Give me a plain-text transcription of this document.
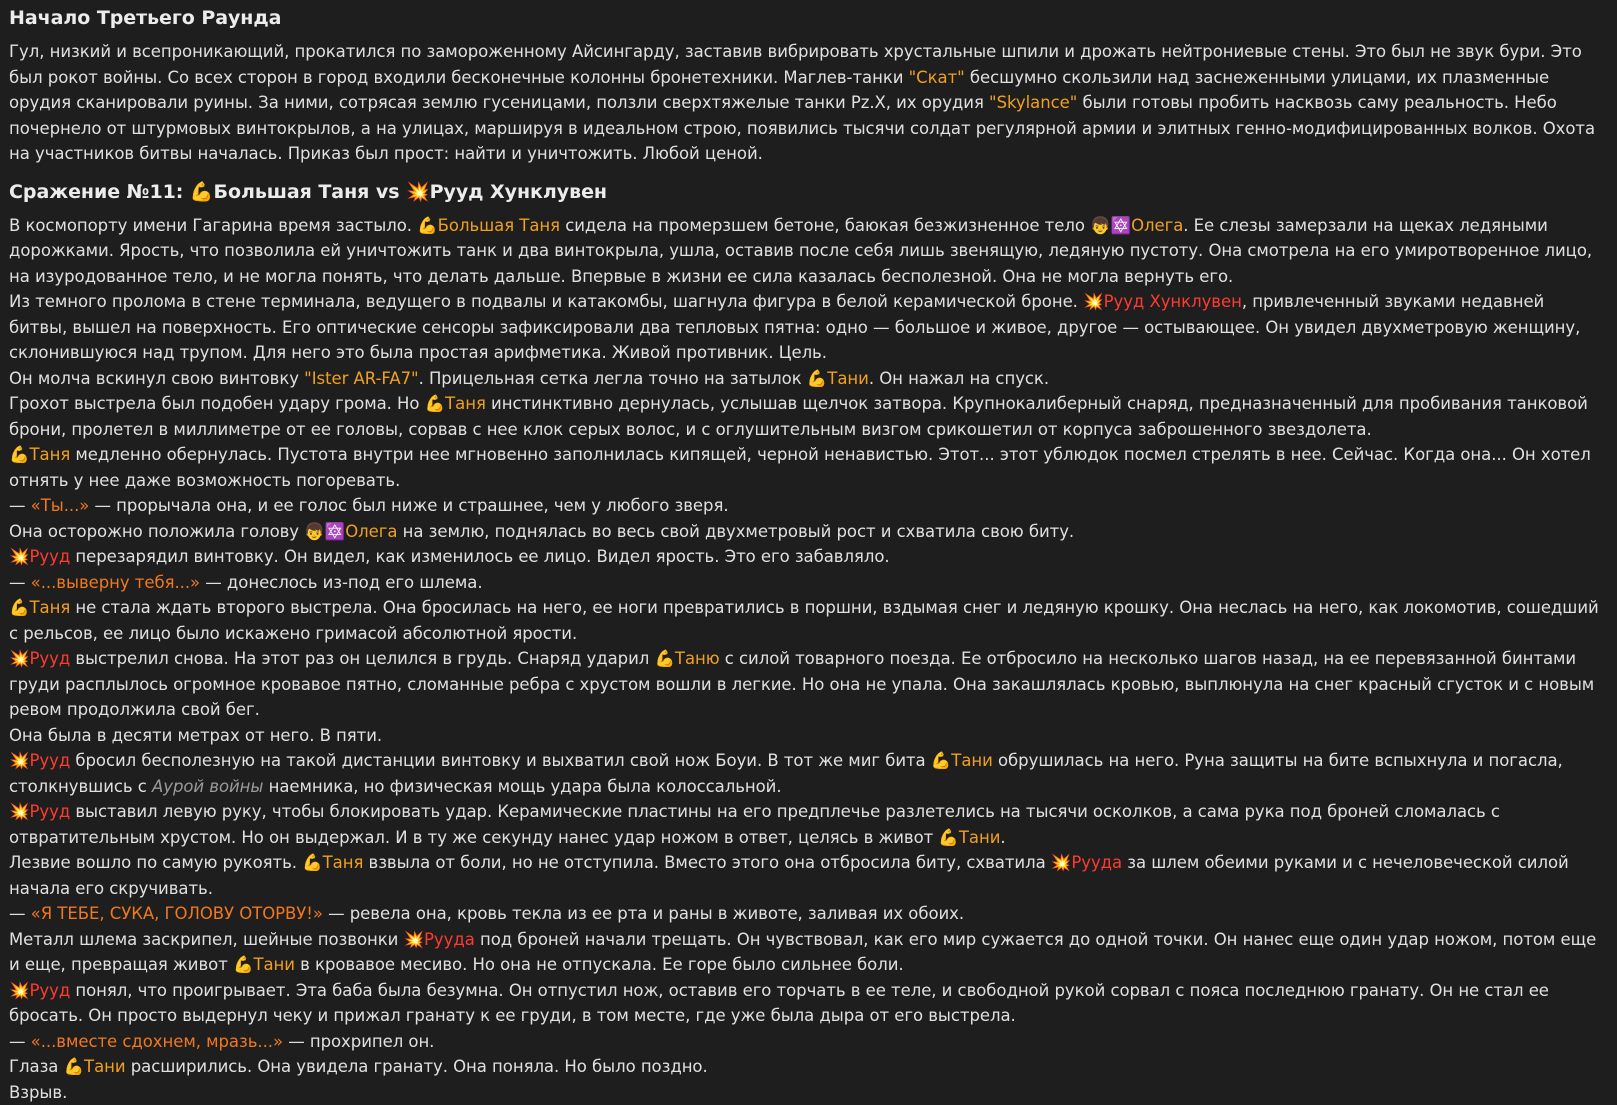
Начало Третьего Раунда

Гул, низкий и всепроникающий, прокатился по замороженному Айсингарду, заставив вибрировать хрустальные шпили и дрожать нейтрониевые стены. Это был не звук бури. Это был рокот войны. Со всех сторон в город входили бесконечные колонны бронетехники. Маглев-танки "Скат" бесшумно скользили над заснеженными улицами, их плазменные орудия сканировали руины. За ними, сотрясая землю гусеницами, ползли сверхтяжелые танки Pz.X, их орудия "Skylance" были готовы пробить насквозь саму реальность. Небо почернело от штурмовых винтокрылов, а на улицах, маршируя в идеальном строю, появились тысячи солдат регулярной армии и элитных генно-модифицированных волков. Охота на участников битвы началась. Приказ был прост: найти и уничтожить. Любой ценой.

Сражение №11: 💪Большая Таня vs 💥Рууд Хунклувен

В космопорту имени Гагарина время застыло. 💪Большая Таня сидела на промерзшем бетоне, баюкая безжизненное тело 👦🔯Олега. Ее слезы замерзали на щеках ледяными дорожками. Ярость, что позволила ей уничтожить танк и два винтокрыла, ушла, оставив после себя лишь звенящую, ледяную пустоту. Она смотрела на его умиротворенное лицо, на изуродованное тело, и не могла понять, что делать дальше. Впервые в жизни ее сила казалась бесполезной. Она не могла вернуть его.

Из темного пролома в стене терминала, ведущего в подвалы и катакомбы, шагнула фигура в белой керамической броне. 💥Рууд Хунклувен, привлеченный звуками недавней битвы, вышел на поверхность. Его оптические сенсоры зафиксировали два тепловых пятна: одно — большое и живое, другое — остывающее. Он увидел двухметровую женщину, склонившуюся над трупом. Для него это была простая арифметика. Живой противник. Цель.

Он молча вскинул свою винтовку "Ister AR-FA7". Прицельная сетка легла точно на затылок 💪Тани. Он нажал на спуск.

Грохот выстрела был подобен удару грома. Но 💪Таня инстинктивно дернулась, услышав щелчок затвора. Крупнокалиберный снаряд, предназначенный для пробивания танковой брони, пролетел в миллиметре от ее головы, сорвав с нее клок серых волос, и с оглушительным визгом срикошетил от корпуса заброшенного звездолета.

💪Таня медленно обернулась. Пустота внутри нее мгновенно заполнилась кипящей, черной ненавистью. Этот... этот ублюдок посмел стрелять в нее. Сейчас. Когда она... Он хотел отнять у нее даже возможность погоревать.

— «Ты...» — прорычала она, и ее голос был ниже и страшнее, чем у любого зверя.

Она осторожно положила голову 👦🔯Олега на землю, поднялась во весь свой двухметровый рост и схватила свою биту.

💥Рууд перезарядил винтовку. Он видел, как изменилось ее лицо. Видел ярость. Это его забавляло.

— «...выверну тебя...» — донеслось из-под его шлема.

💪Таня не стала ждать второго выстрела. Она бросилась на него, ее ноги превратились в поршни, вздымая снег и ледяную крошку. Она неслась на него, как локомотив, сошедший с рельсов, ее лицо было искажено гримасой абсолютной ярости.

💥Рууд выстрелил снова. На этот раз он целился в грудь. Снаряд ударил 💪Таню с силой товарного поезда. Ее отбросило на несколько шагов назад, на ее перевязанной бинтами груди расплылось огромное кровавое пятно, сломанные ребра с хрустом вошли в легкие. Но она не упала. Она закашлялась кровью, выплюнула на снег красный сгусток и с новым ревом продолжила свой бег.

Она была в десяти метрах от него. В пяти.

💥Рууд бросил бесполезную на такой дистанции винтовку и выхватил свой нож Боуи. В тот же миг бита 💪Тани обрушилась на него. Руна защиты на бите вспыхнула и погасла, столкнувшись с Аурой войны наемника, но физическая мощь удара была колоссальной.

💥Рууд выставил левую руку, чтобы блокировать удар. Керамические пластины на его предплечье разлетелись на тысячи осколков, а сама рука под броней сломалась с отвратительным хрустом. Но он выдержал. И в ту же секунду нанес удар ножом в ответ, целясь в живот 💪Тани.

Лезвие вошло по самую рукоять. 💪Таня взвыла от боли, но не отступила. Вместо этого она отбросила биту, схватила 💥Рууда за шлем обеими руками и с нечеловеческой силой начала его скручивать.

— «Я ТЕБЕ, СУКА, ГОЛОВУ ОТОРВУ!» — ревела она, кровь текла из ее рта и раны в животе, заливая их обоих.

Металл шлема заскрипел, шейные позвонки 💥Рууда под броней начали трещать. Он чувствовал, как его мир сужается до одной точки. Он нанес еще один удар ножом, потом еще и еще, превращая живот 💪Тани в кровавое месиво. Но она не отпускала. Ее горе было сильнее боли.

💥Рууд понял, что проигрывает. Эта баба была безумна. Он отпустил нож, оставив его торчать в ее теле, и свободной рукой сорвал с пояса последнюю гранату. Он не стал ее бросать. Он просто выдернул чеку и прижал гранату к ее груди, в том месте, где уже была дыра от его выстрела.

— «...вместе сдохнем, мразь...» — прохрипел он.

Глаза 💪Тани расширились. Она увидела гранату. Она поняла. Но было поздно.

Взрыв.
